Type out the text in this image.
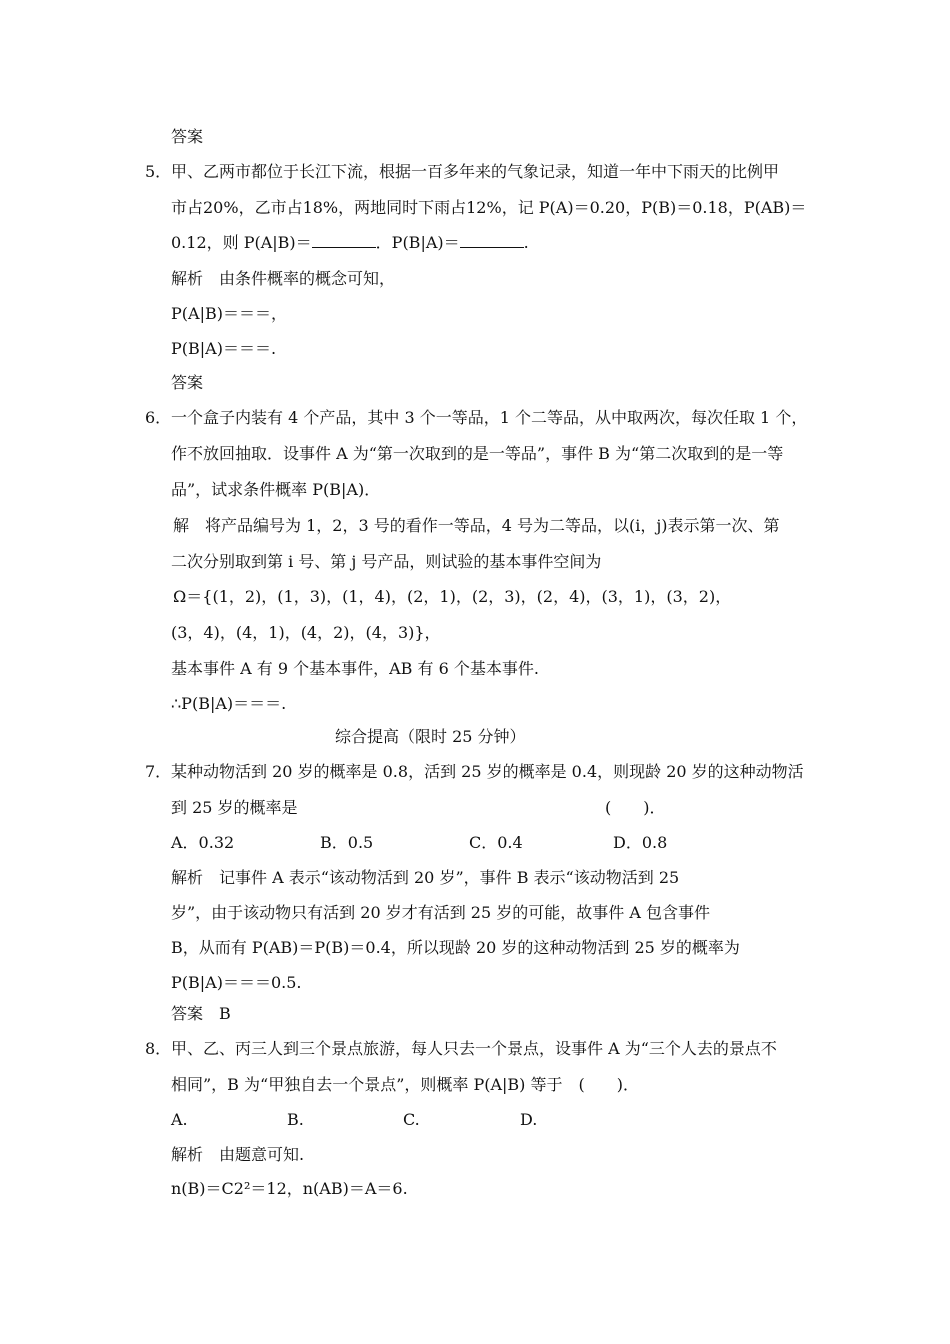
答案
5． 甲、乙两市都位于长江下流，根据一百多年来的气象记录，知道一年中下雨天的比例甲
市占20%，乙市占18%，两地同时下雨占12%，记 P(A)＝0.20，P(B)＝0.18，P(AB)＝
0.12，则 P(A|B)＝	．P(B|A)＝	.
解析　由条件概率的概念可知，
P(A|B)＝＝＝，
P(B|A)＝＝＝.
答案
6． 一个盒子内装有 4 个产品，其中 3 个一等品，1 个二等品，从中取两次，每次任取 1 个，
作不放回抽取．设事件 A 为“第一次取到的是一等品”，事件 B 为“第二次取到的是一等
品”，试求条件概率 P(B|A)．
解　将产品编号为 1，2，3 号的看作一等品，4 号为二等品，以(i，j)表示第一次、第
二次分别取到第 i 号、第 j 号产品，则试验的基本事件空间为
Ω＝{(1，2)，(1，3)，(1，4)，(2，1)，(2，3)，(2，4)，(3，1)，(3，2)，
(3，4)，(4，1)，(4，2)，(4，3)}，
基本事件 A 有 9 个基本事件，AB 有 6 个基本事件.
∴P(B|A)＝＝＝.
综合提高（限时 25 分钟）
7． 某种动物活到 20 岁的概率是 0.8，活到 25 岁的概率是 0.4，则现龄 20 岁的这种动物活
到 25 岁的概率是	(　　)．
A．0.32	B．0.5	C．0.4	D．0.8
解析　记事件 A 表示“该动物活到 20 岁”，事件 B 表示“该动物活到 25
岁”，由于该动物只有活到 20 岁才有活到 25 岁的可能，故事件 A 包含事件
B，从而有 P(AB)＝P(B)＝0.4，所以现龄 20 岁的这种动物活到 25 岁的概率为
P(B|A)＝＝＝0.5.
答案　B
8． 甲、乙、丙三人到三个景点旅游，每人只去一个景点，设事件 A 为“三个人去的景点不
相同”，B 为“甲独自去一个景点”，则概率 P(A|B) 等于　(　　)．
A.	B.	C.	D.
解析　由题意可知.
n(B)＝C2²＝12，n(AB)＝A＝6.
